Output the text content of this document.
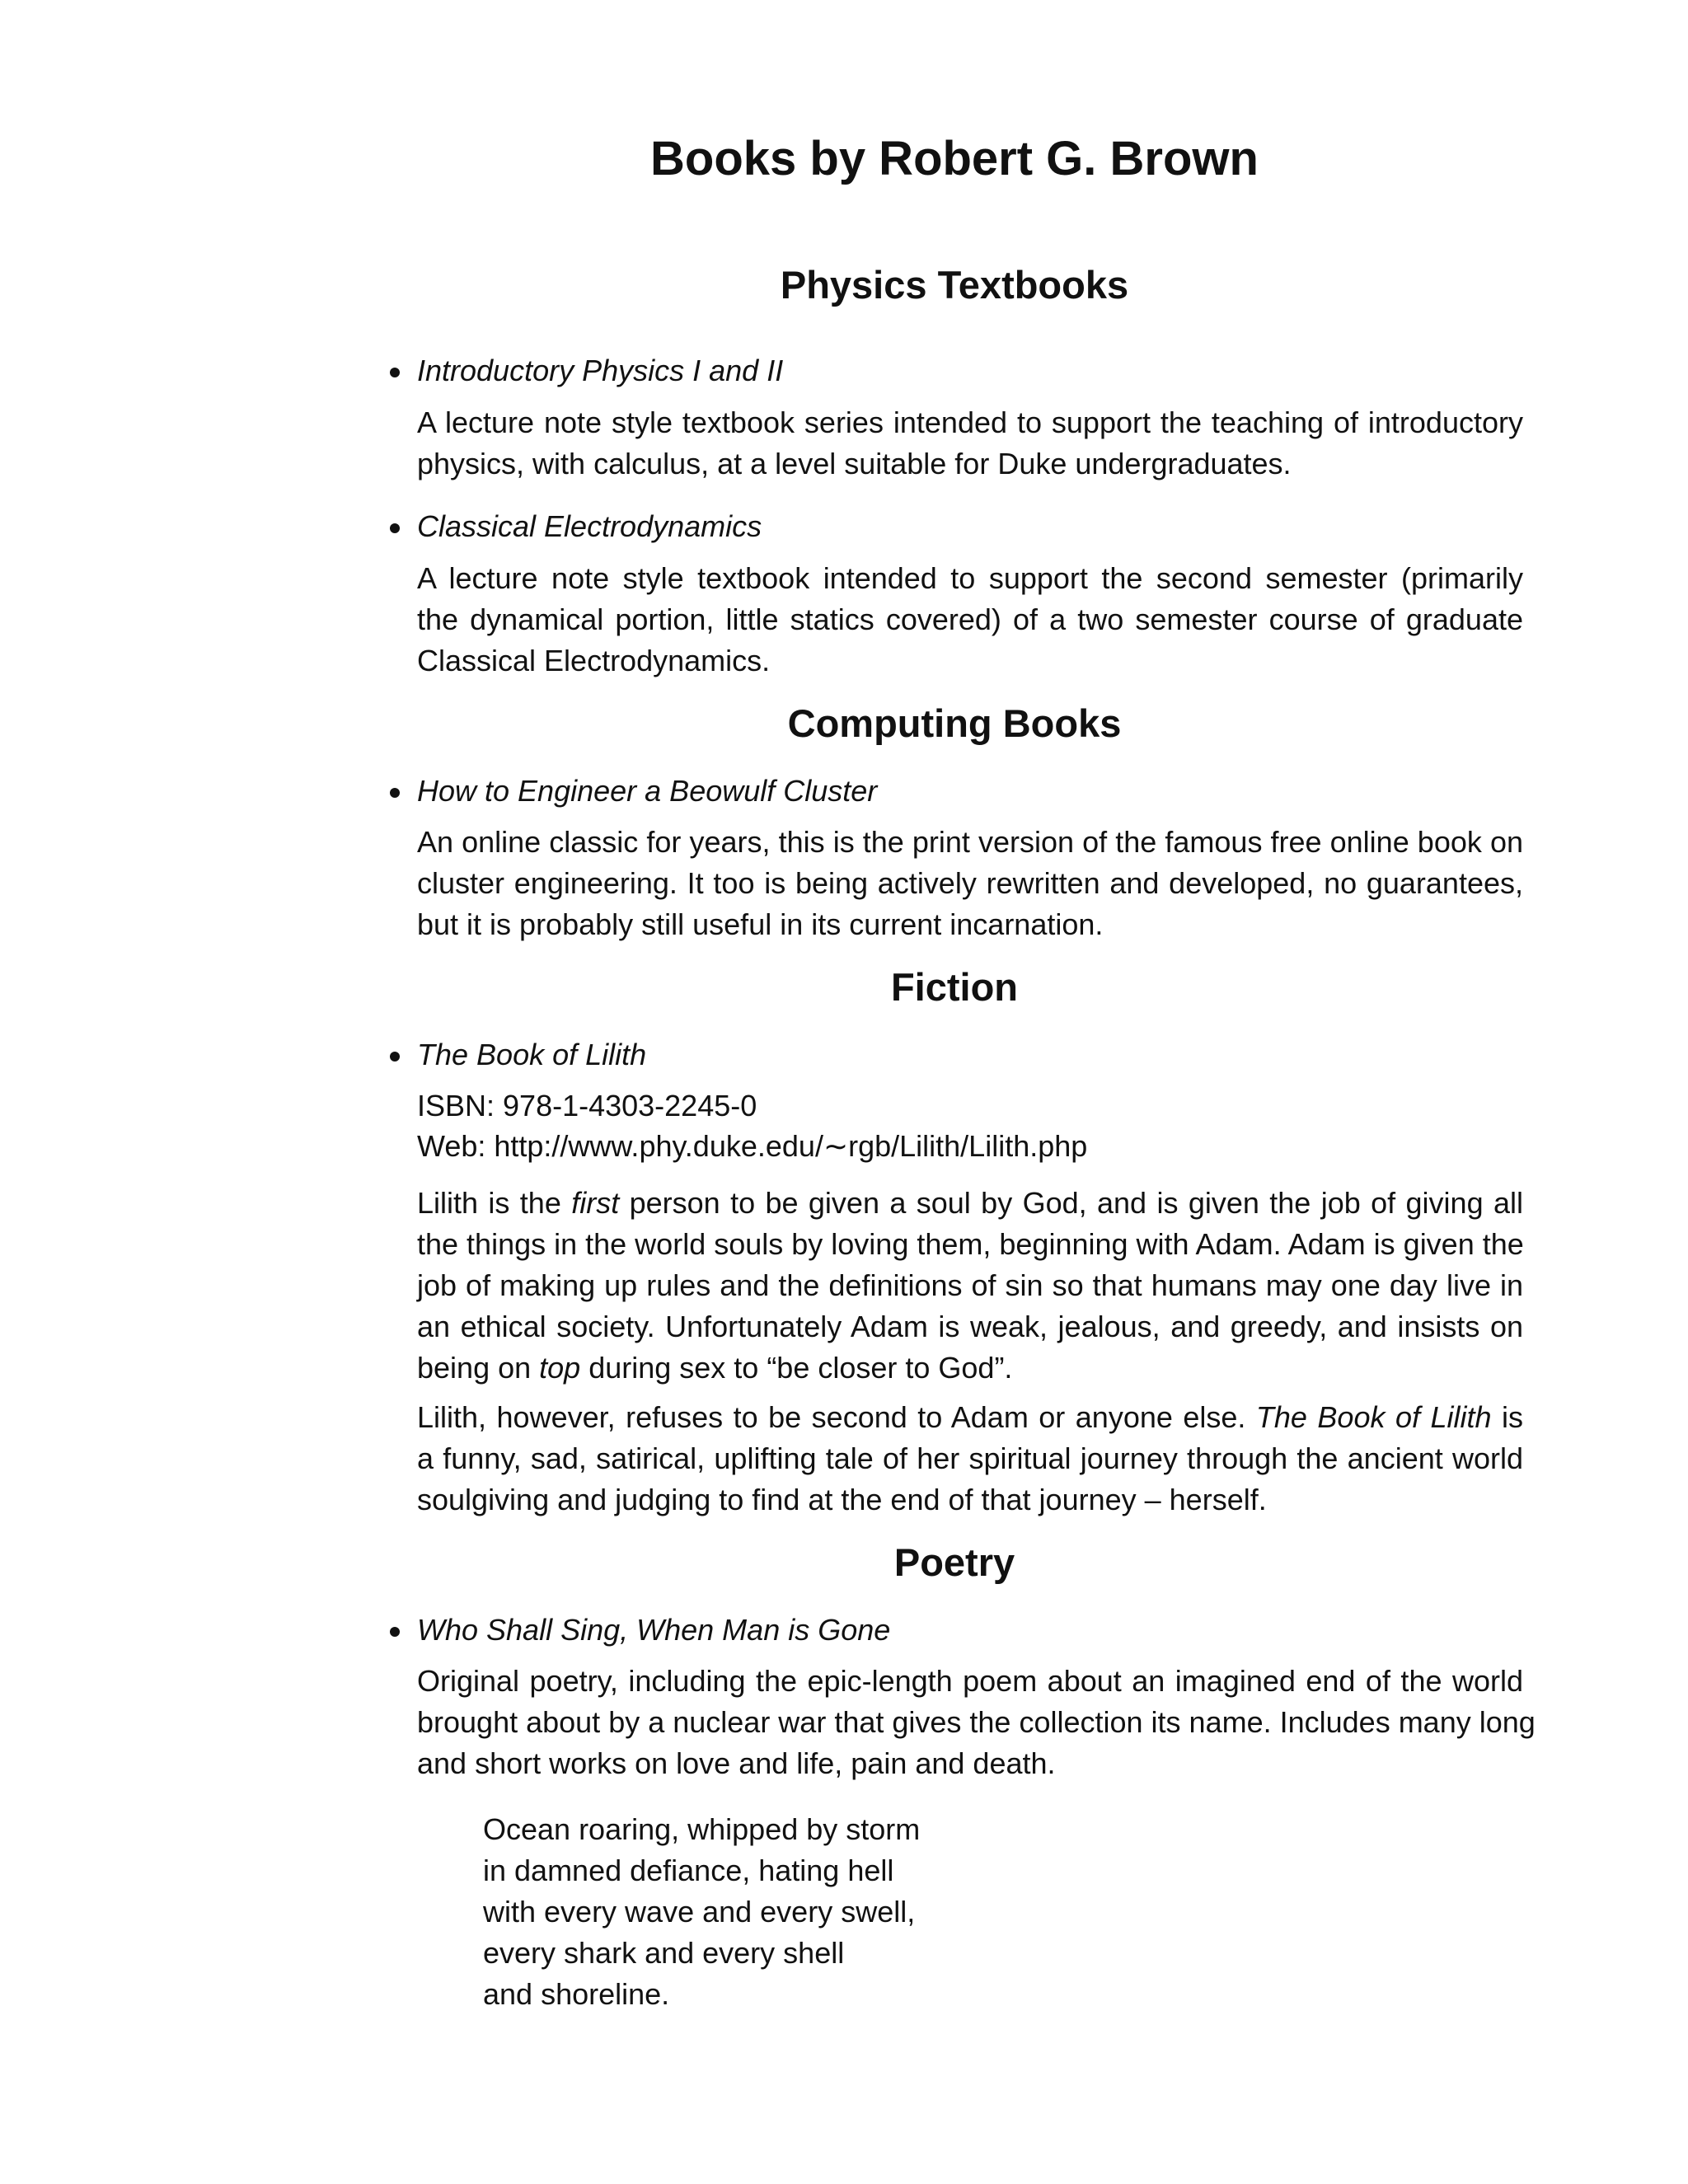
Books by Robert G. Brown
Physics Textbooks
Introductory Physics I and II
A lecture note style textbook series intended to support the teaching of introductory
physics, with calculus, at a level suitable for Duke undergraduates.
Classical Electrodynamics
A lecture note style textbook intended to support the second semester (primarily
the dynamical portion, little statics covered) of a two semester course of graduate
Classical Electrodynamics.
Computing Books
How to Engineer a Beowulf Cluster
An online classic for years, this is the print version of the famous free online book on
cluster engineering. It too is being actively rewritten and developed, no guarantees,
but it is probably still useful in its current incarnation.
Fiction
The Book of Lilith
ISBN: 978-1-4303-2245-0
Web: http://www.phy.duke.edu/∼rgb/Lilith/Lilith.php
Lilith is the first person to be given a soul by God, and is given the job of giving all
the things in the world souls by loving them, beginning with Adam. Adam is given the
job of making up rules and the definitions of sin so that humans may one day live in
an ethical society. Unfortunately Adam is weak, jealous, and greedy, and insists on
being on top during sex to “be closer to God”.
Lilith, however, refuses to be second to Adam or anyone else. The Book of Lilith is
a funny, sad, satirical, uplifting tale of her spiritual journey through the ancient world
soulgiving and judging to find at the end of that journey – herself.
Poetry
Who Shall Sing, When Man is Gone
Original poetry, including the epic-length poem about an imagined end of the world
brought about by a nuclear war that gives the collection its name. Includes many long
and short works on love and life, pain and death.
Ocean roaring, whipped by storm
in damned defiance, hating hell
with every wave and every swell,
every shark and every shell
and shoreline.
